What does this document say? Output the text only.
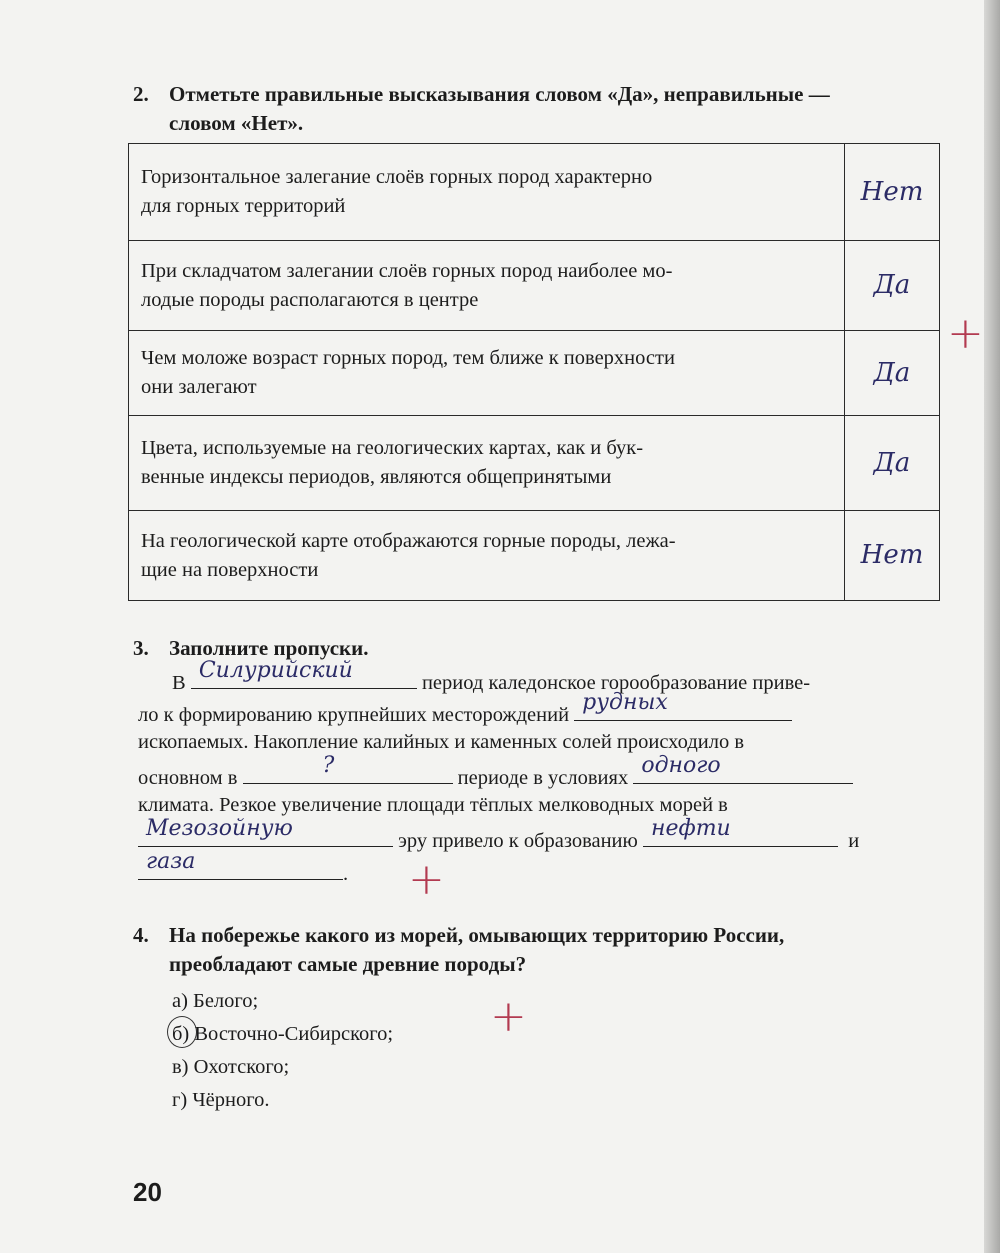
2. Отметьте правильные высказывания словом «Да», неправильные —
словом «Нет».
Горизонтальное залегание слоёв горных пород характерно
для горных территорий	Нет
При складчатом залегании слоёв горных пород наиболее мо-
лодые породы располагаются в центре	Да
Чем моложе возраст горных пород, тем ближе к поверхности
они залегают	Да
Цвета, используемые на геологических картах, как и бук-
венные индексы периодов, являются общепринятыми	Да
На геологической карте отображаются горные породы, лежа-
щие на поверхности	Нет
+
3. Заполните пропуски.
В Силурийский	период каледонское горообразование приве-
ло к формированию крупнейших месторождений рудных
ископаемых. Накопление калийных и каменных солей происходило в
основном в	?	периоде в условиях одного
климата. Резкое увеличение площади тёплых мелководных морей в
Мезозойную	эру привело к образованию нефти	и
газа	.	+
4. На побережье какого из морей, омывающих территорию России,
преобладают самые древние породы?
а) Белого;
б) Восточно-Сибирского;
в) Охотского;
г) Чёрного.
+
20
